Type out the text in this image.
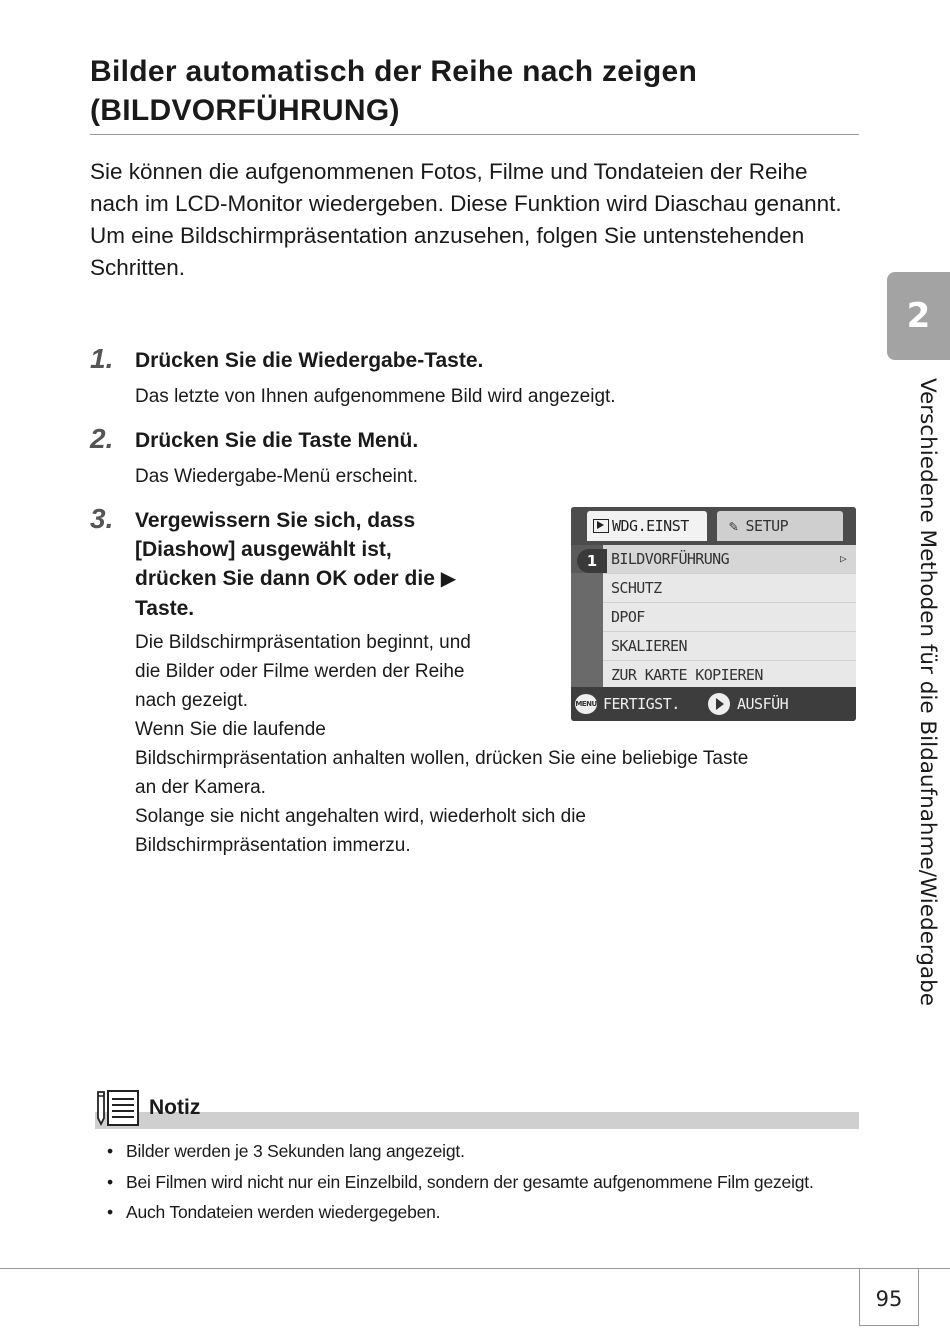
Bilder automatisch der Reihe nach zeigen
(BILDVORFÜHRUNG)

Sie können die aufgenommenen Fotos, Filme und Tondateien der Reihe nach im LCD-Monitor wiedergeben. Diese Funktion wird Diaschau genannt.

Um eine Bildschirmpräsentation anzusehen, folgen Sie untenstehenden Schritten.

1. Drücken Sie die Wiedergabe-Taste.
Das letzte von Ihnen aufgenommene Bild wird angezeigt.
2. Drücken Sie die Taste Menü.
Das Wiedergabe-Menü erscheint.
3. Vergewissern Sie sich, dass
[Diashow] ausgewählt ist,
drücken Sie dann OK oder die ▶
Taste.

Die Bildschirmpräsentation beginnt, und

die Bilder oder Filme werden der Reihe

nach gezeigt.

Wenn Sie die laufende

Bildschirmpräsentation anhalten wollen, drücken Sie eine beliebige Taste

an der Kamera.

Solange sie nicht angehalten wird, wiederholt sich die

Bildschirmpräsentation immerzu.

WDG.EINST	✎ SETUP
BILDVORFÜHRUNG	▷
SCHUTZ
DPOF
SKALIEREN
ZUR KARTE KOPIEREN
1
MENU FERTIGST.	AUSFÜH
2
Verschiedene Methoden für die Bildaufnahme/Wiedergabe
Notiz
• Bilder werden je 3 Sekunden lang angezeigt.
• Bei Filmen wird nicht nur ein Einzelbild, sondern der gesamte aufgenommene Film gezeigt.
• Auch Tondateien werden wiedergegeben.
95
